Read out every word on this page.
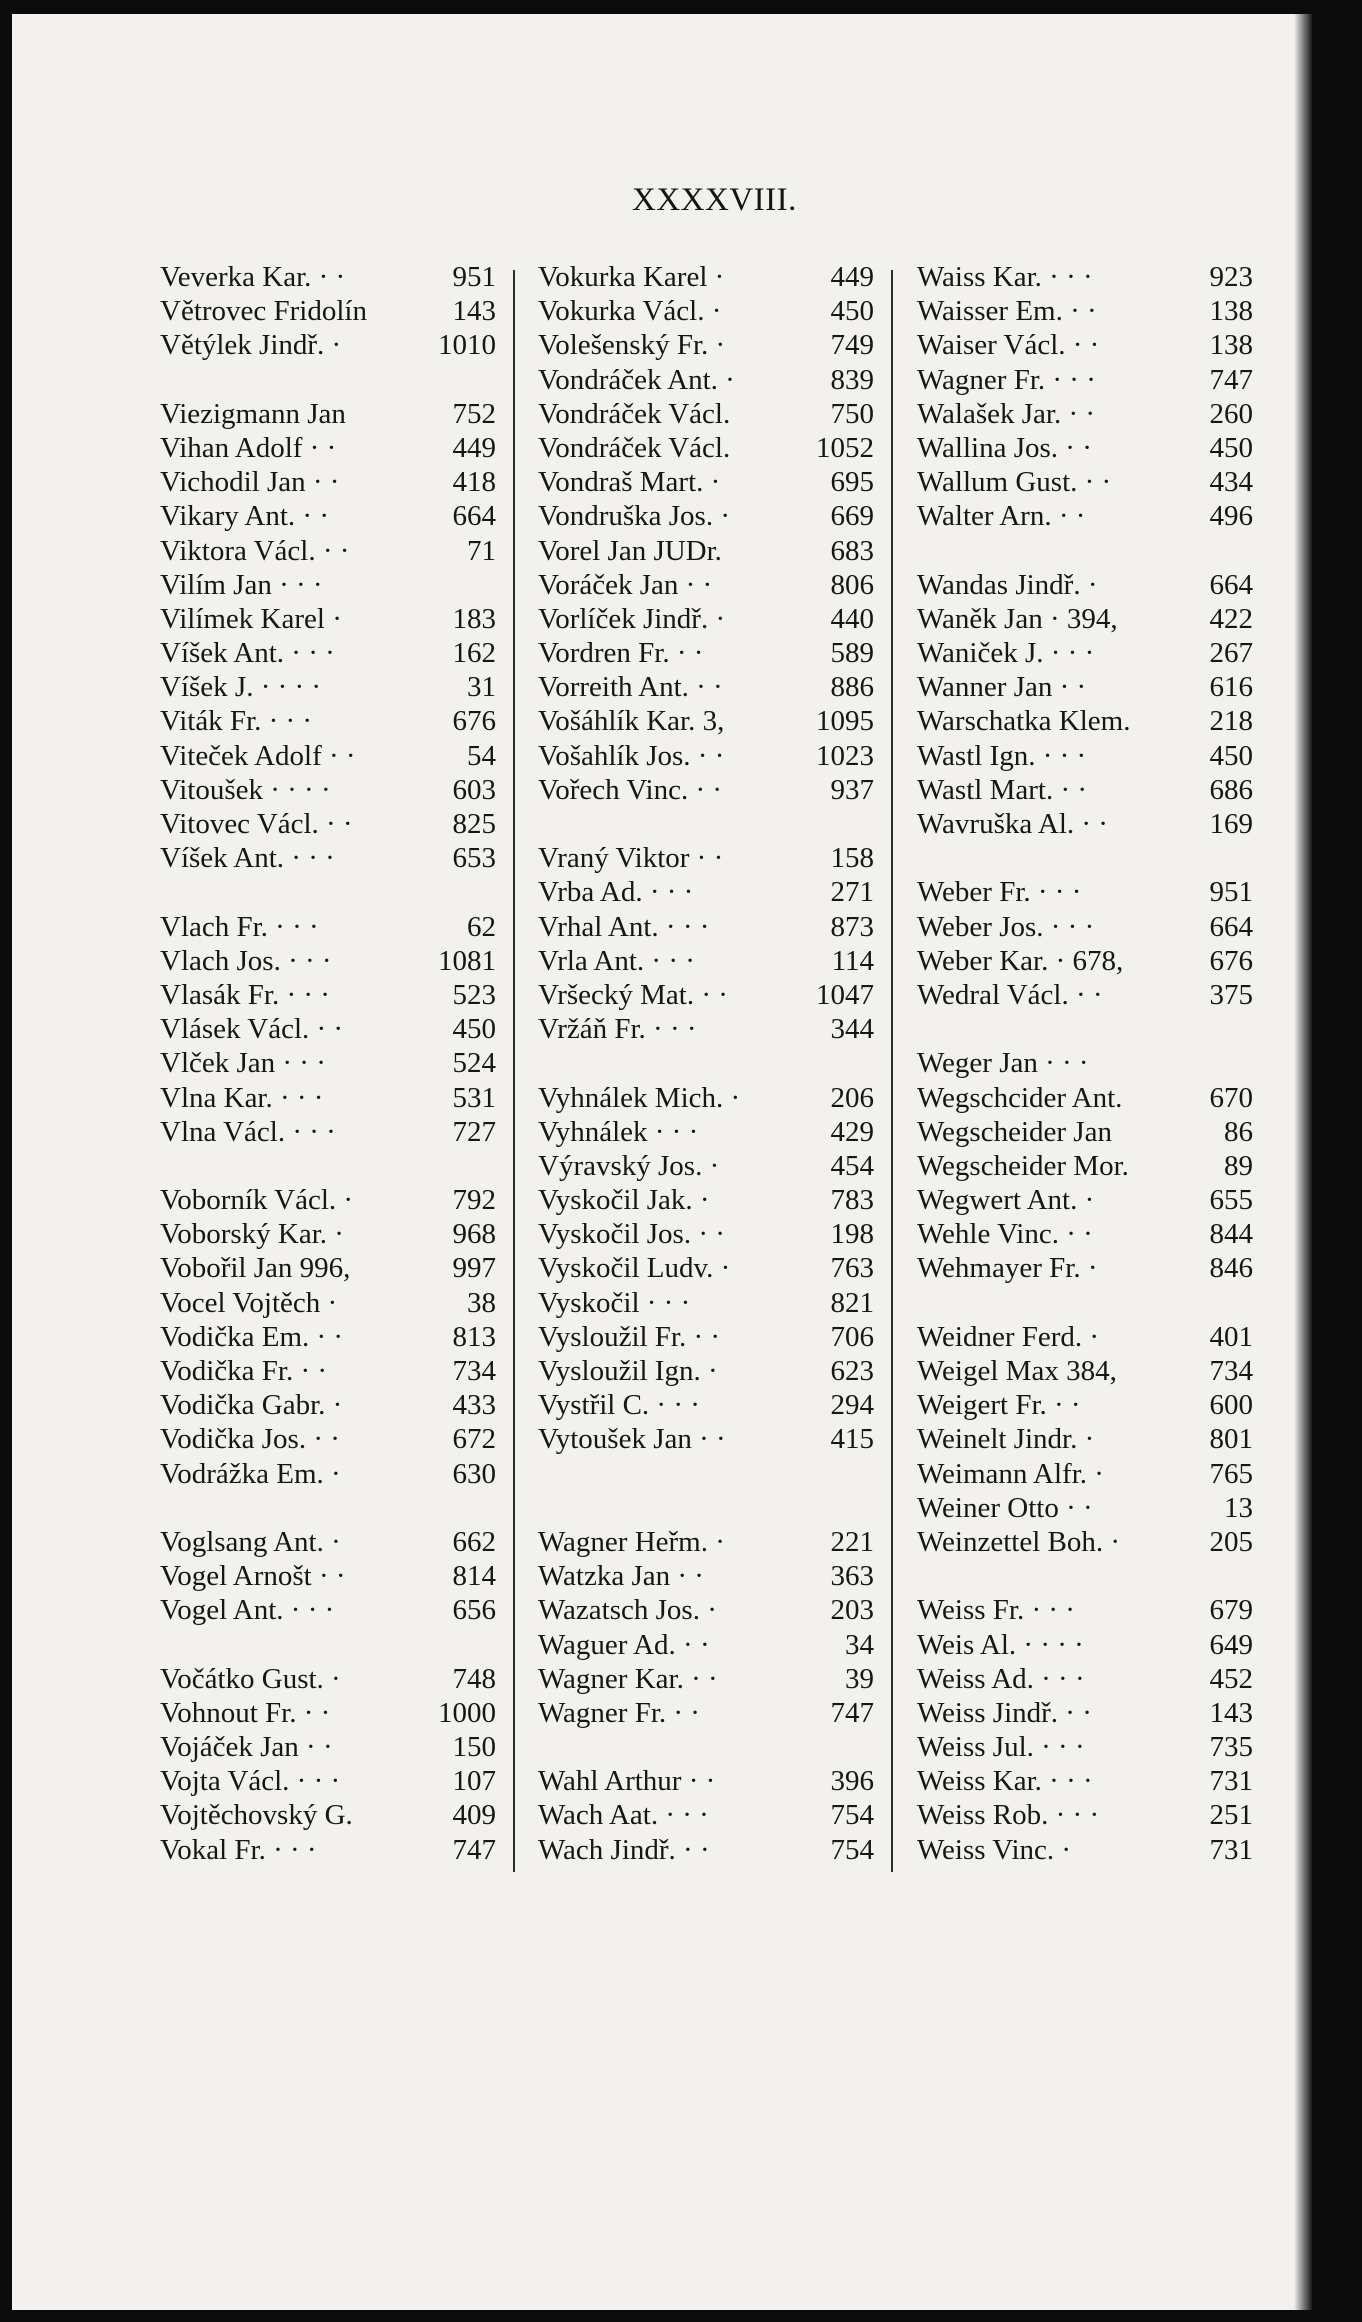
XXXXVIII.
Veverka Kar. · ·	951
Větrovec Fridolín	143
Větýlek Jindř. ·	1010
Viezigmann Jan	752
Vihan Adolf · ·	449
Vichodil Jan · ·	418
Vikary Ant. · ·	664
Viktora Václ. · ·	71
Vilím Jan · · ·
Vilímek Karel ·	183
Víšek Ant. · · ·	162
Víšek J. · · · ·	31
Viták Fr. · · ·	676
Viteček Adolf · ·	54
Vitoušek · · · ·	603
Vitovec Václ. · ·	825
Víšek Ant. · · ·	653
Vlach Fr. · · ·	62
Vlach Jos. · · ·	1081
Vlasák Fr. · · ·	523
Vlásek Václ. · ·	450
Vlček Jan · · ·	524
Vlna Kar. · · ·	531
Vlna Václ. · · ·	727
Voborník Václ. ·	792
Voborský Kar. ·	968
Vobořil Jan 996,	997
Vocel Vojtěch ·	38
Vodička Em. · ·	813
Vodička Fr. · ·	734
Vodička Gabr. ·	433
Vodička Jos. · ·	672
Vodrážka Em. ·	630
Voglsang Ant. ·	662
Vogel Arnošt · ·	814
Vogel Ant. · · ·	656
Vočátko Gust. ·	748
Vohnout Fr. · ·	1000
Vojáček Jan · ·	150
Vojta Václ. · · ·	107
Vojtěchovský G.	409
Vokal Fr. · · ·	747
Vokurka Karel ·	449
Vokurka Václ. ·	450
Volešenský Fr. ·	749
Vondráček Ant. ·	839
Vondráček Václ.	750
Vondráček Václ.	1052
Vondraš Mart. ·	695
Vondruška Jos. ·	669
Vorel Jan JUDr.	683
Voráček Jan · ·	806
Vorlíček Jindř. ·	440
Vordren Fr. · ·	589
Vorreith Ant. · ·	886
Vošáhlík Kar. 3,	1095
Vošahlík Jos. · ·	1023
Vořech Vinc. · ·	937
Vraný Viktor · ·	158
Vrba Ad. · · ·	271
Vrhal Ant. · · ·	873
Vrla Ant. · · ·	114
Vršecký Mat. · ·	1047
Vržáň Fr. · · ·	344
Vyhnálek Mich. ·	206
Vyhnálek · · ·	429
Výravský Jos. ·	454
Vyskočil Jak. ·	783
Vyskočil Jos. · ·	198
Vyskočil Ludv. ·	763
Vyskočil · · ·	821
Vysloužil Fr. · ·	706
Vysloužil Ign. ·	623
Vystřil C. · · ·	294
Vytoušek Jan · ·	415
Wagner Heřm. ·	221
Watzka Jan · ·	363
Wazatsch Jos. ·	203
Waguer Ad. · ·	34
Wagner Kar. · ·	39
Wagner Fr. · ·	747
Wahl Arthur · ·	396
Wach Aat. · · ·	754
Wach Jindř. · ·	754
Waiss Kar. · · ·	923
Waisser Em. · ·	138
Waiser Václ. · ·	138
Wagner Fr. · · ·	747
Walašek Jar. · ·	260
Wallina Jos. · ·	450
Wallum Gust. · ·	434
Walter Arn. · ·	496
Wandas Jindř. ·	664
Waněk Jan · 394,	422
Waniček J. · · ·	267
Wanner Jan · ·	616
Warschatka Klem.	218
Wastl Ign. · · ·	450
Wastl Mart. · ·	686
Wavruška Al. · ·	169
Weber Fr. · · ·	951
Weber Jos. · · ·	664
Weber Kar. · 678,	676
Wedral Václ. · ·	375
Weger Jan · · ·
Wegschcider Ant.	670
Wegscheider Jan	86
Wegscheider Mor.	89
Wegwert Ant. ·	655
Wehle Vinc. · ·	844
Wehmayer Fr. ·	846
Weidner Ferd. ·	401
Weigel Max 384,	734
Weigert Fr. · ·	600
Weinelt Jindr. ·	801
Weimann Alfr. ·	765
Weiner Otto · ·	13
Weinzettel Boh. ·	205
Weiss Fr. · · ·	679
Weis Al. · · · ·	649
Weiss Ad. · · ·	452
Weiss Jindř. · ·	143
Weiss Jul. · · ·	735
Weiss Kar. · · ·	731
Weiss Rob. · · ·	251
Weiss Vinc. ·	731
